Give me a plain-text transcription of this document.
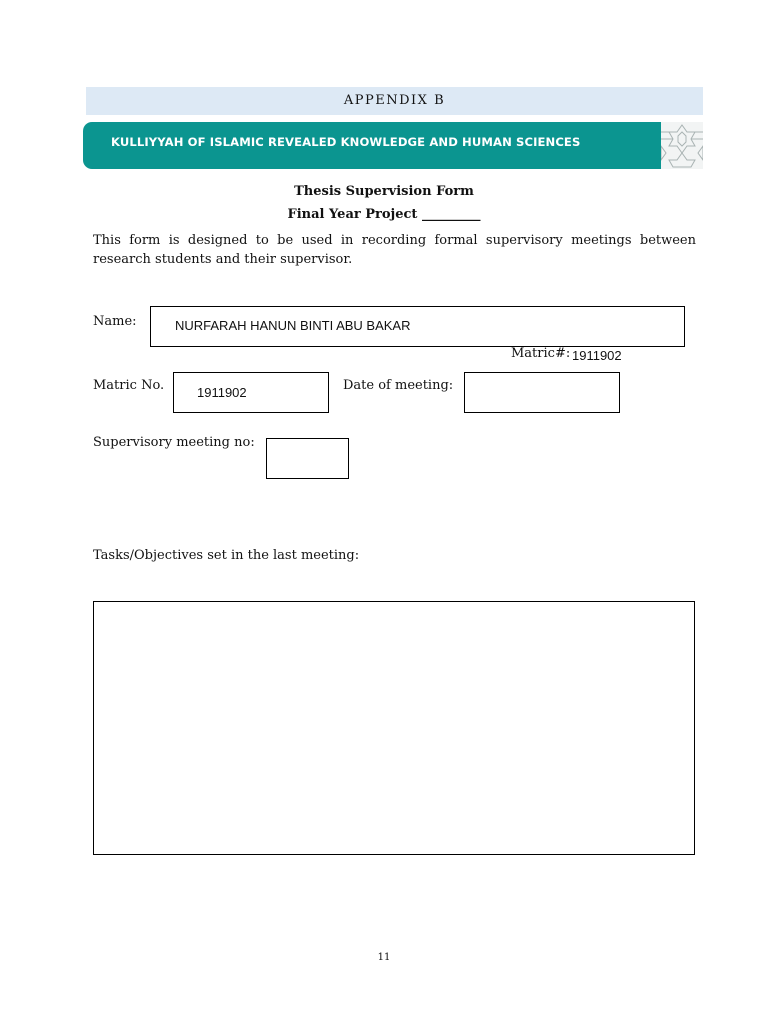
APPENDIX B
KULLIYYAH OF ISLAMIC REVEALED KNOWLEDGE AND HUMAN SCIENCES
Thesis Supervision Form
Final Year Project _________
This form is designed to be used in recording formal supervisory meetings between research students and their supervisor.
Name:	NURFARAH HANUN BINTI ABU BAKAR
Matric#: 1911902
Matric No.	1911902	Date of meeting:
Supervisory meeting no:
Tasks/Objectives set in the last meeting:
11
